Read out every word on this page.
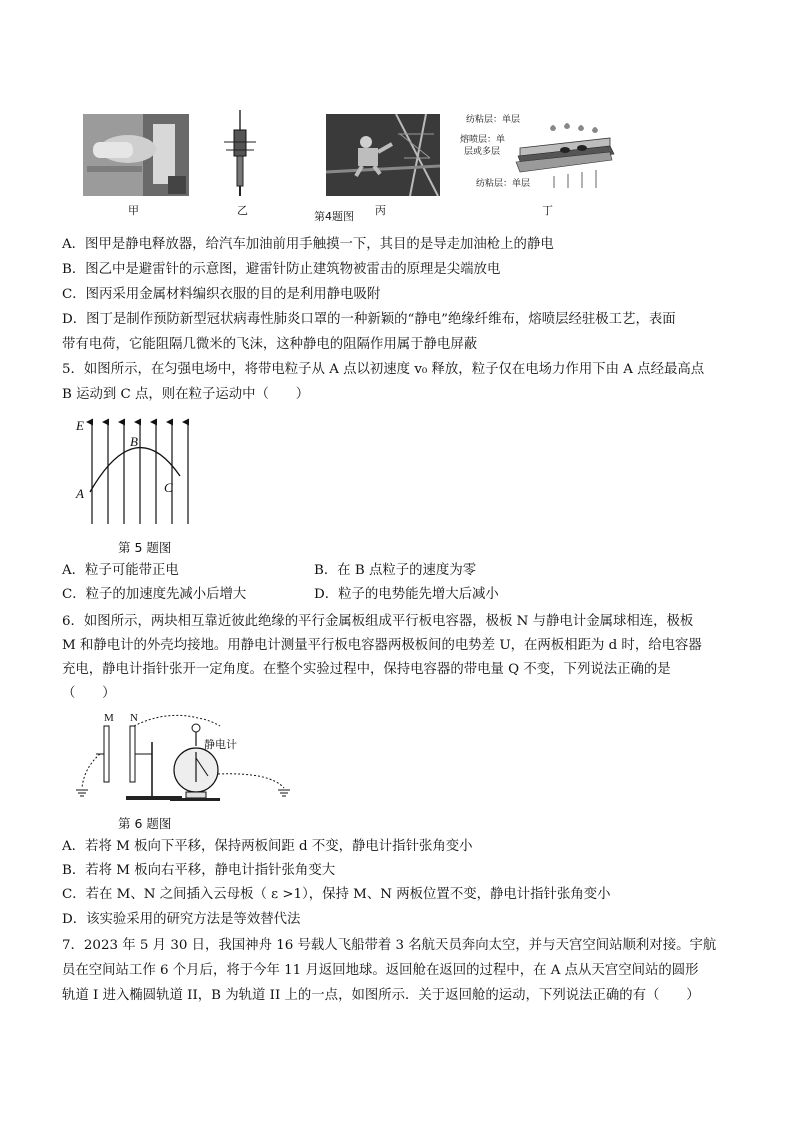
甲	乙	第4题图 丙
纺粘层：单层
熔喷层：单
层或多层
纺粘层：单层
丁
A．图甲是静电释放器，给汽车加油前用手触摸一下，其目的是导走加油枪上的静电
B．图乙中是避雷针的示意图，避雷针防止建筑物被雷击的原理是尖端放电
C．图丙采用金属材料编织衣服的目的是利用静电吸附
D．图丁是制作预防新型冠状病毒性肺炎口罩的一种新颖的“静电”绝缘纤维布，熔喷层经驻极工艺，表面
带有电荷，它能阻隔几微米的飞沫，这种静电的阻隔作用属于静电屏蔽
5．如图所示，在匀强电场中，将带电粒子从 A 点以初速度 v₀ 释放，粒子仅在电场力作用下由 A 点经最高点
B 运动到 C 点，则在粒子运动中（　　）
E
A
B
C
第 5 题图
A．粒子可能带正电	B．在 B 点粒子的速度为零
C．粒子的加速度先减小后增大	D．粒子的电势能先增大后减小
6．如图所示，两块相互靠近彼此绝缘的平行金属板组成平行板电容器，极板 N 与静电计金属球相连，极板
M 和静电计的外壳均接地。用静电计测量平行板电容器两极板间的电势差 U，在两板相距为 d 时，给电容器
充电，静电计指针张开一定角度。在整个实验过程中，保持电容器的带电量 Q 不变，下列说法正确的是
（　　）
M N
静电计
第 6 题图
A．若将 M 板向下平移，保持两板间距 d 不变，静电计指针张角变小
B．若将 M 板向右平移，静电计指针张角变大
C．若在 M、N 之间插入云母板（ ε >1），保持 M、N 两板位置不变，静电计指针张角变小
D．该实验采用的研究方法是等效替代法
7．2023 年 5 月 30 日，我国神舟 16 号载人飞船带着 3 名航天员奔向太空，并与天宫空间站顺利对接。宇航
员在空间站工作 6 个月后，将于今年 11 月返回地球。返回舱在返回的过程中，在 A 点从天宫空间站的圆形
轨道 I 进入椭圆轨道 II，B 为轨道 II 上的一点，如图所示．关于返回舱的运动，下列说法正确的有（　　）
